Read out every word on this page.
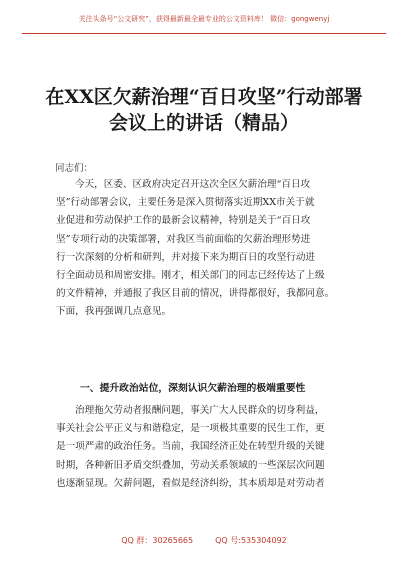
关注头条号“公文研究”，获得最新最全最专业的公文资料库！ 微信：gongwenyj
在XX区欠薪治理“百日攻坚”行动部署
会议上的讲话（精品）
同志们：
今天，区委、区政府决定召开这次全区欠薪治理“百日攻
坚”行动部署会议，主要任务是深入贯彻落实近期XX市关于就
业促进和劳动保护工作的最新会议精神，特别是关于“百日攻
坚”专项行动的决策部署，对我区当前面临的欠薪治理形势进
行一次深刻的分析和研判，并对接下来为期百日的攻坚行动进
行全面动员和周密安排。刚才，相关部门的同志已经传达了上级
的文件精神，并通报了我区目前的情况，讲得都很好，我都同意。
下面，我再强调几点意见。
一、提升政治站位，深刻认识欠薪治理的极端重要性
治理拖欠劳动者报酬问题，事关广大人民群众的切身利益，
事关社会公平正义与和谐稳定，是一项极其重要的民生工作，更
是一项严肃的政治任务。当前，我国经济正处在转型升级的关键
时期，各种新旧矛盾交织叠加，劳动关系领域的一些深层次问题
也逐渐显现。欠薪问题，看似是经济纠纷，其本质却是对劳动者
QQ 群：30265665	QQ 号:535304092
